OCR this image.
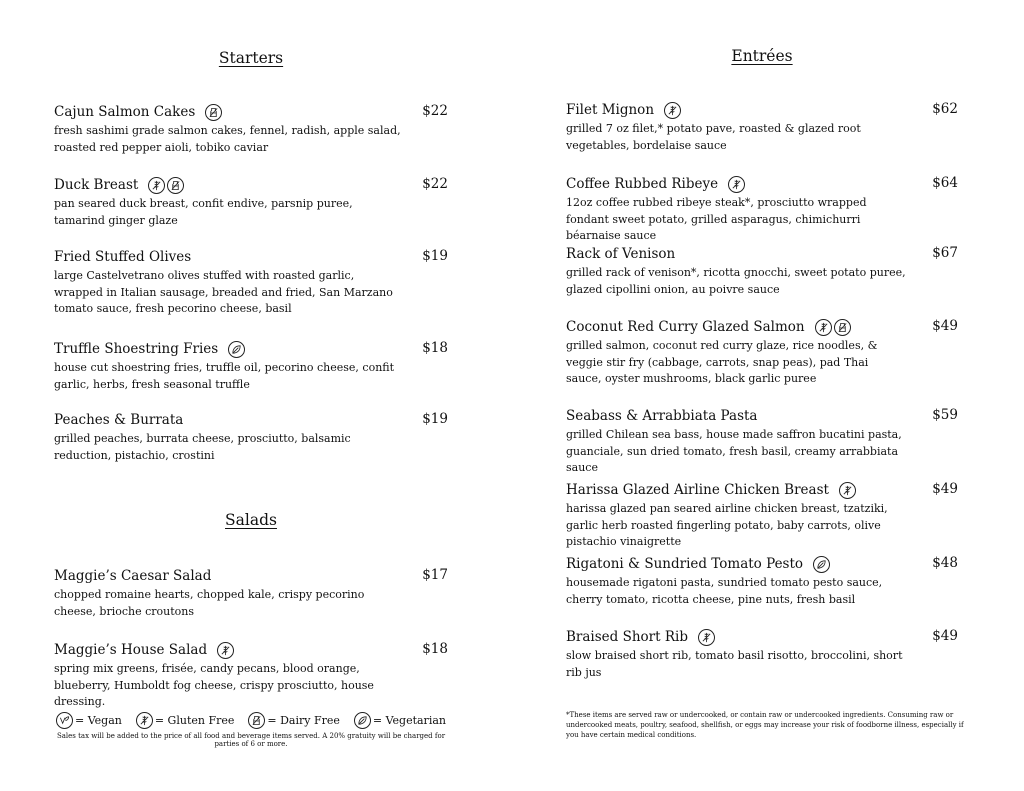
Starters
Cajun Salmon Cakes	$22
fresh sashimi grade salmon cakes, fennel, radish, apple salad, roasted red pepper aioli, tobiko caviar
Duck Breast	$22
pan seared duck breast, confit endive, parsnip puree, tamarind ginger glaze
Fried Stuffed Olives	$19
large Castelvetrano olives stuffed with roasted garlic, wrapped in Italian sausage, breaded and fried, San Marzano tomato sauce, fresh pecorino cheese, basil
Truffle Shoestring Fries	$18
house cut shoestring fries, truffle oil, pecorino cheese, confit garlic, herbs, fresh seasonal truffle
Peaches & Burrata	$19
grilled peaches, burrata cheese, prosciutto, balsamic reduction, pistachio, crostini
Salads
Maggie’s Caesar Salad	$17
chopped romaine hearts, chopped kale, crispy pecorino cheese, brioche croutons
Maggie’s House Salad	$18
spring mix greens, frisée, candy pecans, blood orange, blueberry, Humboldt fog cheese, crispy prosciutto, house dressing.
Entrées
Filet Mignon	$62
grilled 7 oz filet,* potato pave, roasted & glazed root vegetables, bordelaise sauce
Coffee Rubbed Ribeye	$64
12oz coffee rubbed ribeye steak*, prosciutto wrapped fondant sweet potato, grilled asparagus, chimichurri béarnaise sauce
Rack of Venison	$67
grilled rack of venison*, ricotta gnocchi, sweet potato puree, glazed cipollini onion, au poivre sauce
Coconut Red Curry Glazed Salmon	$49
grilled salmon, coconut red curry glaze, rice noodles, & veggie stir fry (cabbage, carrots, snap peas), pad Thai sauce, oyster mushrooms, black garlic puree
Seabass & Arrabbiata Pasta	$59
grilled Chilean sea bass, house made saffron bucatini pasta, guanciale, sun dried tomato, fresh basil, creamy arrabbiata sauce
Harissa Glazed Airline Chicken Breast	$49
harissa glazed pan seared airline chicken breast, tzatziki, garlic herb roasted fingerling potato, baby carrots, olive pistachio vinaigrette
Rigatoni & Sundried Tomato Pesto	$48
housemade rigatoni pasta, sundried tomato pesto sauce, cherry tomato, ricotta cheese, pine nuts, fresh basil
Braised Short Rib	$49
slow braised short rib, tomato basil risotto, broccolini, short rib jus
= Vegan	= Gluten Free	= Dairy Free	= Vegetarian
Sales tax will be added to the price of all food and beverage items served. A 20% gratuity will be charged for parties of 6 or more.
*These items are served raw or undercooked, or contain raw or undercooked ingredients. Consuming raw or undercooked meats, poultry, seafood, shellfish, or eggs may increase your risk of foodborne illness, especially if you have certain medical conditions.
